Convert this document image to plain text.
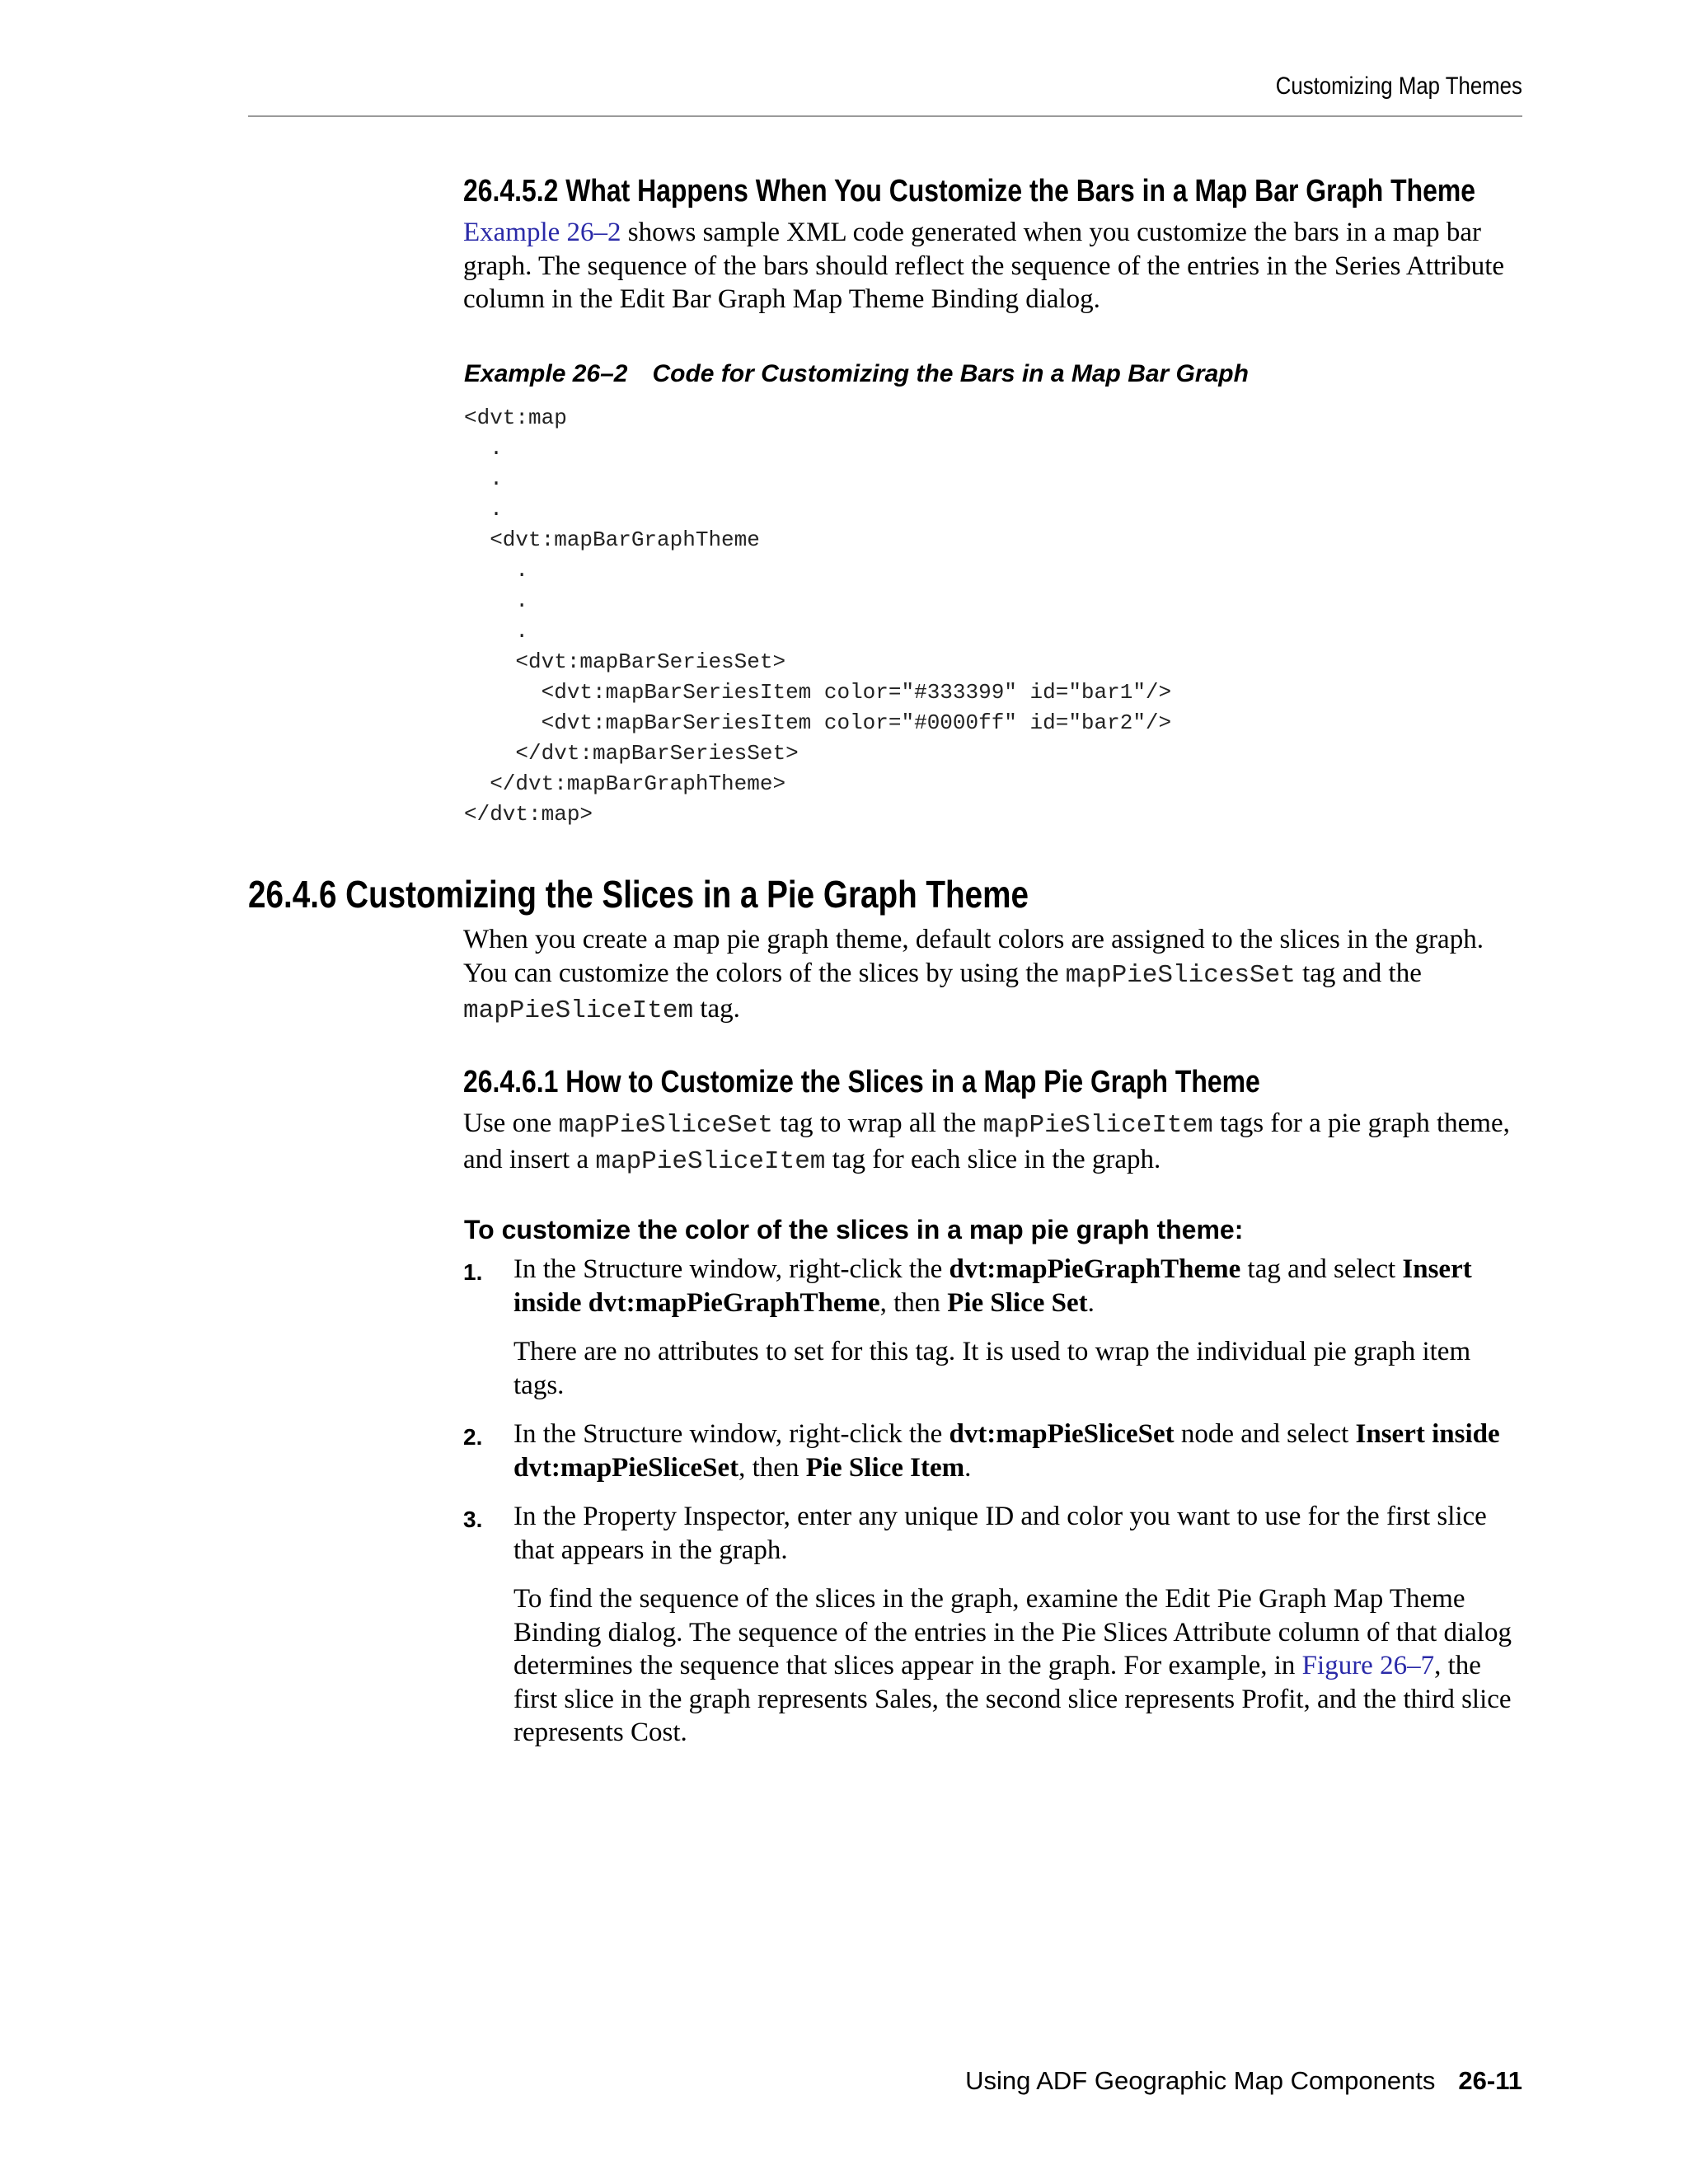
Customizing Map Themes
26.4.5.2 What Happens When You Customize the Bars in a Map Bar Graph Theme

Example 26–2 shows sample XML code generated when you customize the bars in a map bar graph. The sequence of the bars should reflect the sequence of the entries in the Series Attribute column in the Edit Bar Graph Map Theme Binding dialog.

Example 26–2 Code for Customizing the Bars in a Map Bar Graph

<dvt:map
.
.
.
<dvt:mapBarGraphTheme
.
.
.
<dvt:mapBarSeriesSet>
<dvt:mapBarSeriesItem color="#333399" id="bar1"/>
<dvt:mapBarSeriesItem color="#0000ff" id="bar2"/>
</dvt:mapBarSeriesSet>
</dvt:mapBarGraphTheme>
</dvt:map>
26.4.6 Customizing the Slices in a Pie Graph Theme

When you create a map pie graph theme, default colors are assigned to the slices in the graph. You can customize the colors of the slices by using the mapPieSlicesSet tag and the mapPieSliceItem tag.

26.4.6.1 How to Customize the Slices in a Map Pie Graph Theme

Use one mapPieSliceSet tag to wrap all the mapPieSliceItem tags for a pie graph theme, and insert a mapPieSliceItem tag for each slice in the graph.

To customize the color of the slices in a map pie graph theme:

1. In the Structure window, right-click the dvt:mapPieGraphTheme tag and select Insert inside dvt:mapPieGraphTheme, then Pie Slice Set.

There are no attributes to set for this tag. It is used to wrap the individual pie graph item tags.

2. In the Structure window, right-click the dvt:mapPieSliceSet node and select Insert inside dvt:mapPieSliceSet, then Pie Slice Item.
3. In the Property Inspector, enter any unique ID and color you want to use for the first slice that appears in the graph.

To find the sequence of the slices in the graph, examine the Edit Pie Graph Map Theme Binding dialog. The sequence of the entries in the Pie Slices Attribute column of that dialog determines the sequence that slices appear in the graph. For example, in Figure 26–7, the first slice in the graph represents Sales, the second slice represents Profit, and the third slice represents Cost.

Using ADF Geographic Map Components 26-11
